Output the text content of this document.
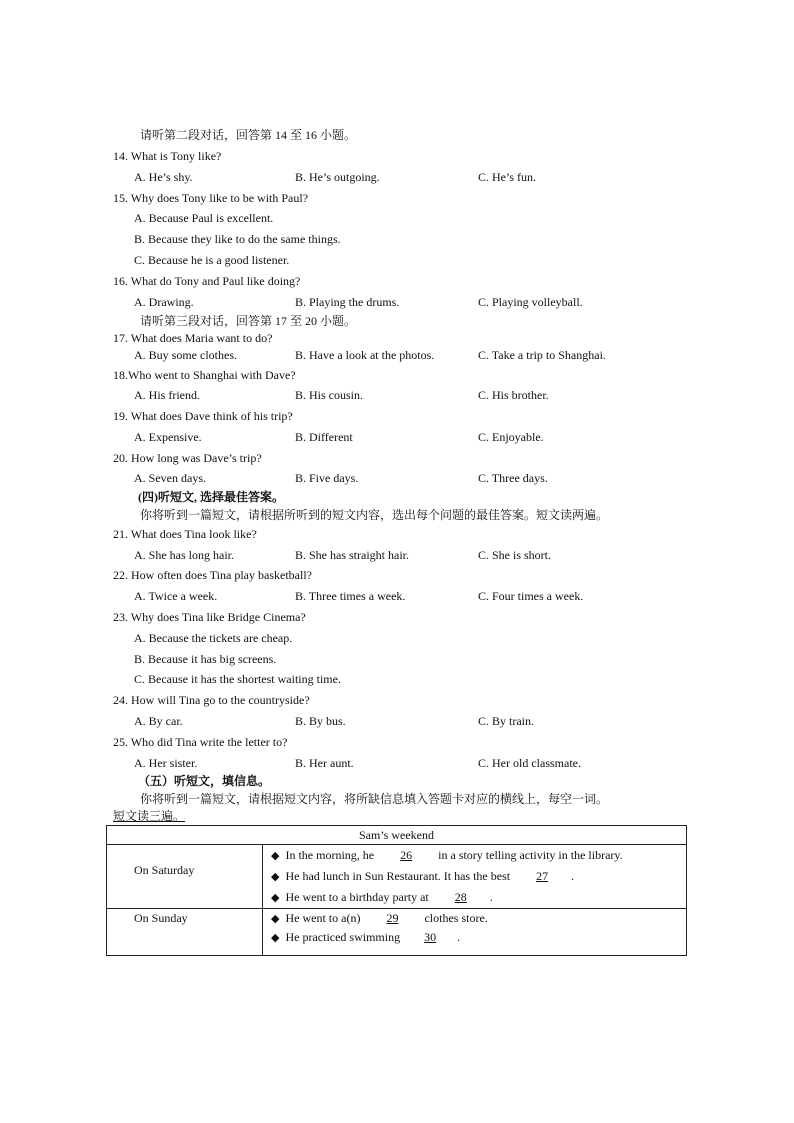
请听第二段对话，回答第 14 至 16 小题。
14. What is Tony like?
A. He’s shy.	B. He’s outgoing.	C. He’s fun.
15. Why does Tony like to be with Paul?
A. Because Paul is excellent.
B. Because they like to do the same things.
C. Because he is a good listener.
16. What do Tony and Paul like doing?
A. Drawing.	B. Playing the drums.	C. Playing volleyball.
请听第三段对话，回答第 17 至 20 小题。
17. What does Maria want to do?
A. Buy some clothes.	B. Have a look at the photos.	C. Take a trip to Shanghai.
18.Who went to Shanghai with Dave?
A. His friend.	B. His cousin.	C. His brother.
19. What does Dave think of his trip?
A. Expensive.	B. Different	C. Enjoyable.
20. How long was Dave’s trip?
A. Seven days.	B. Five days.	C. Three days.
(四)听短文, 选择最佳答案。
你将听到一篇短文，请根据所听到的短文内容，选出每个问题的最佳答案。短文读两遍。
21. What does Tina look like?
A. She has long hair.	B. She has straight hair.	C. She is short.
22. How often does Tina play basketball?
A. Twice a week.	B. Three times a week.	C. Four times a week.
23. Why does Tina like Bridge Cinema?
A. Because the tickets are cheap.
B. Because it has big screens.
C. Because it has the shortest waiting time.
24. How will Tina go to the countryside?
A. By car.	B. By bus.	C. By train.
25. Who did Tina write the letter to?
A. Her sister.	B. Her aunt.	C. Her old classmate.
（五）听短文，填信息。
你将听到一篇短文，请根据短文内容，将所缺信息填入答题卡对应的横线上，每空一词。
短文读三遍。
Sam’s weekend	

On Saturday	◆ In the morning, he 26 in a story telling activity in the library.
◆ He had lunch in Sun Restaurant. It has the best 27 .
◆ He went to a birthday party at 28 .

On Sunday	◆ He went to a(n) 29 clothes store.
◆ He practiced swimming 30 .
